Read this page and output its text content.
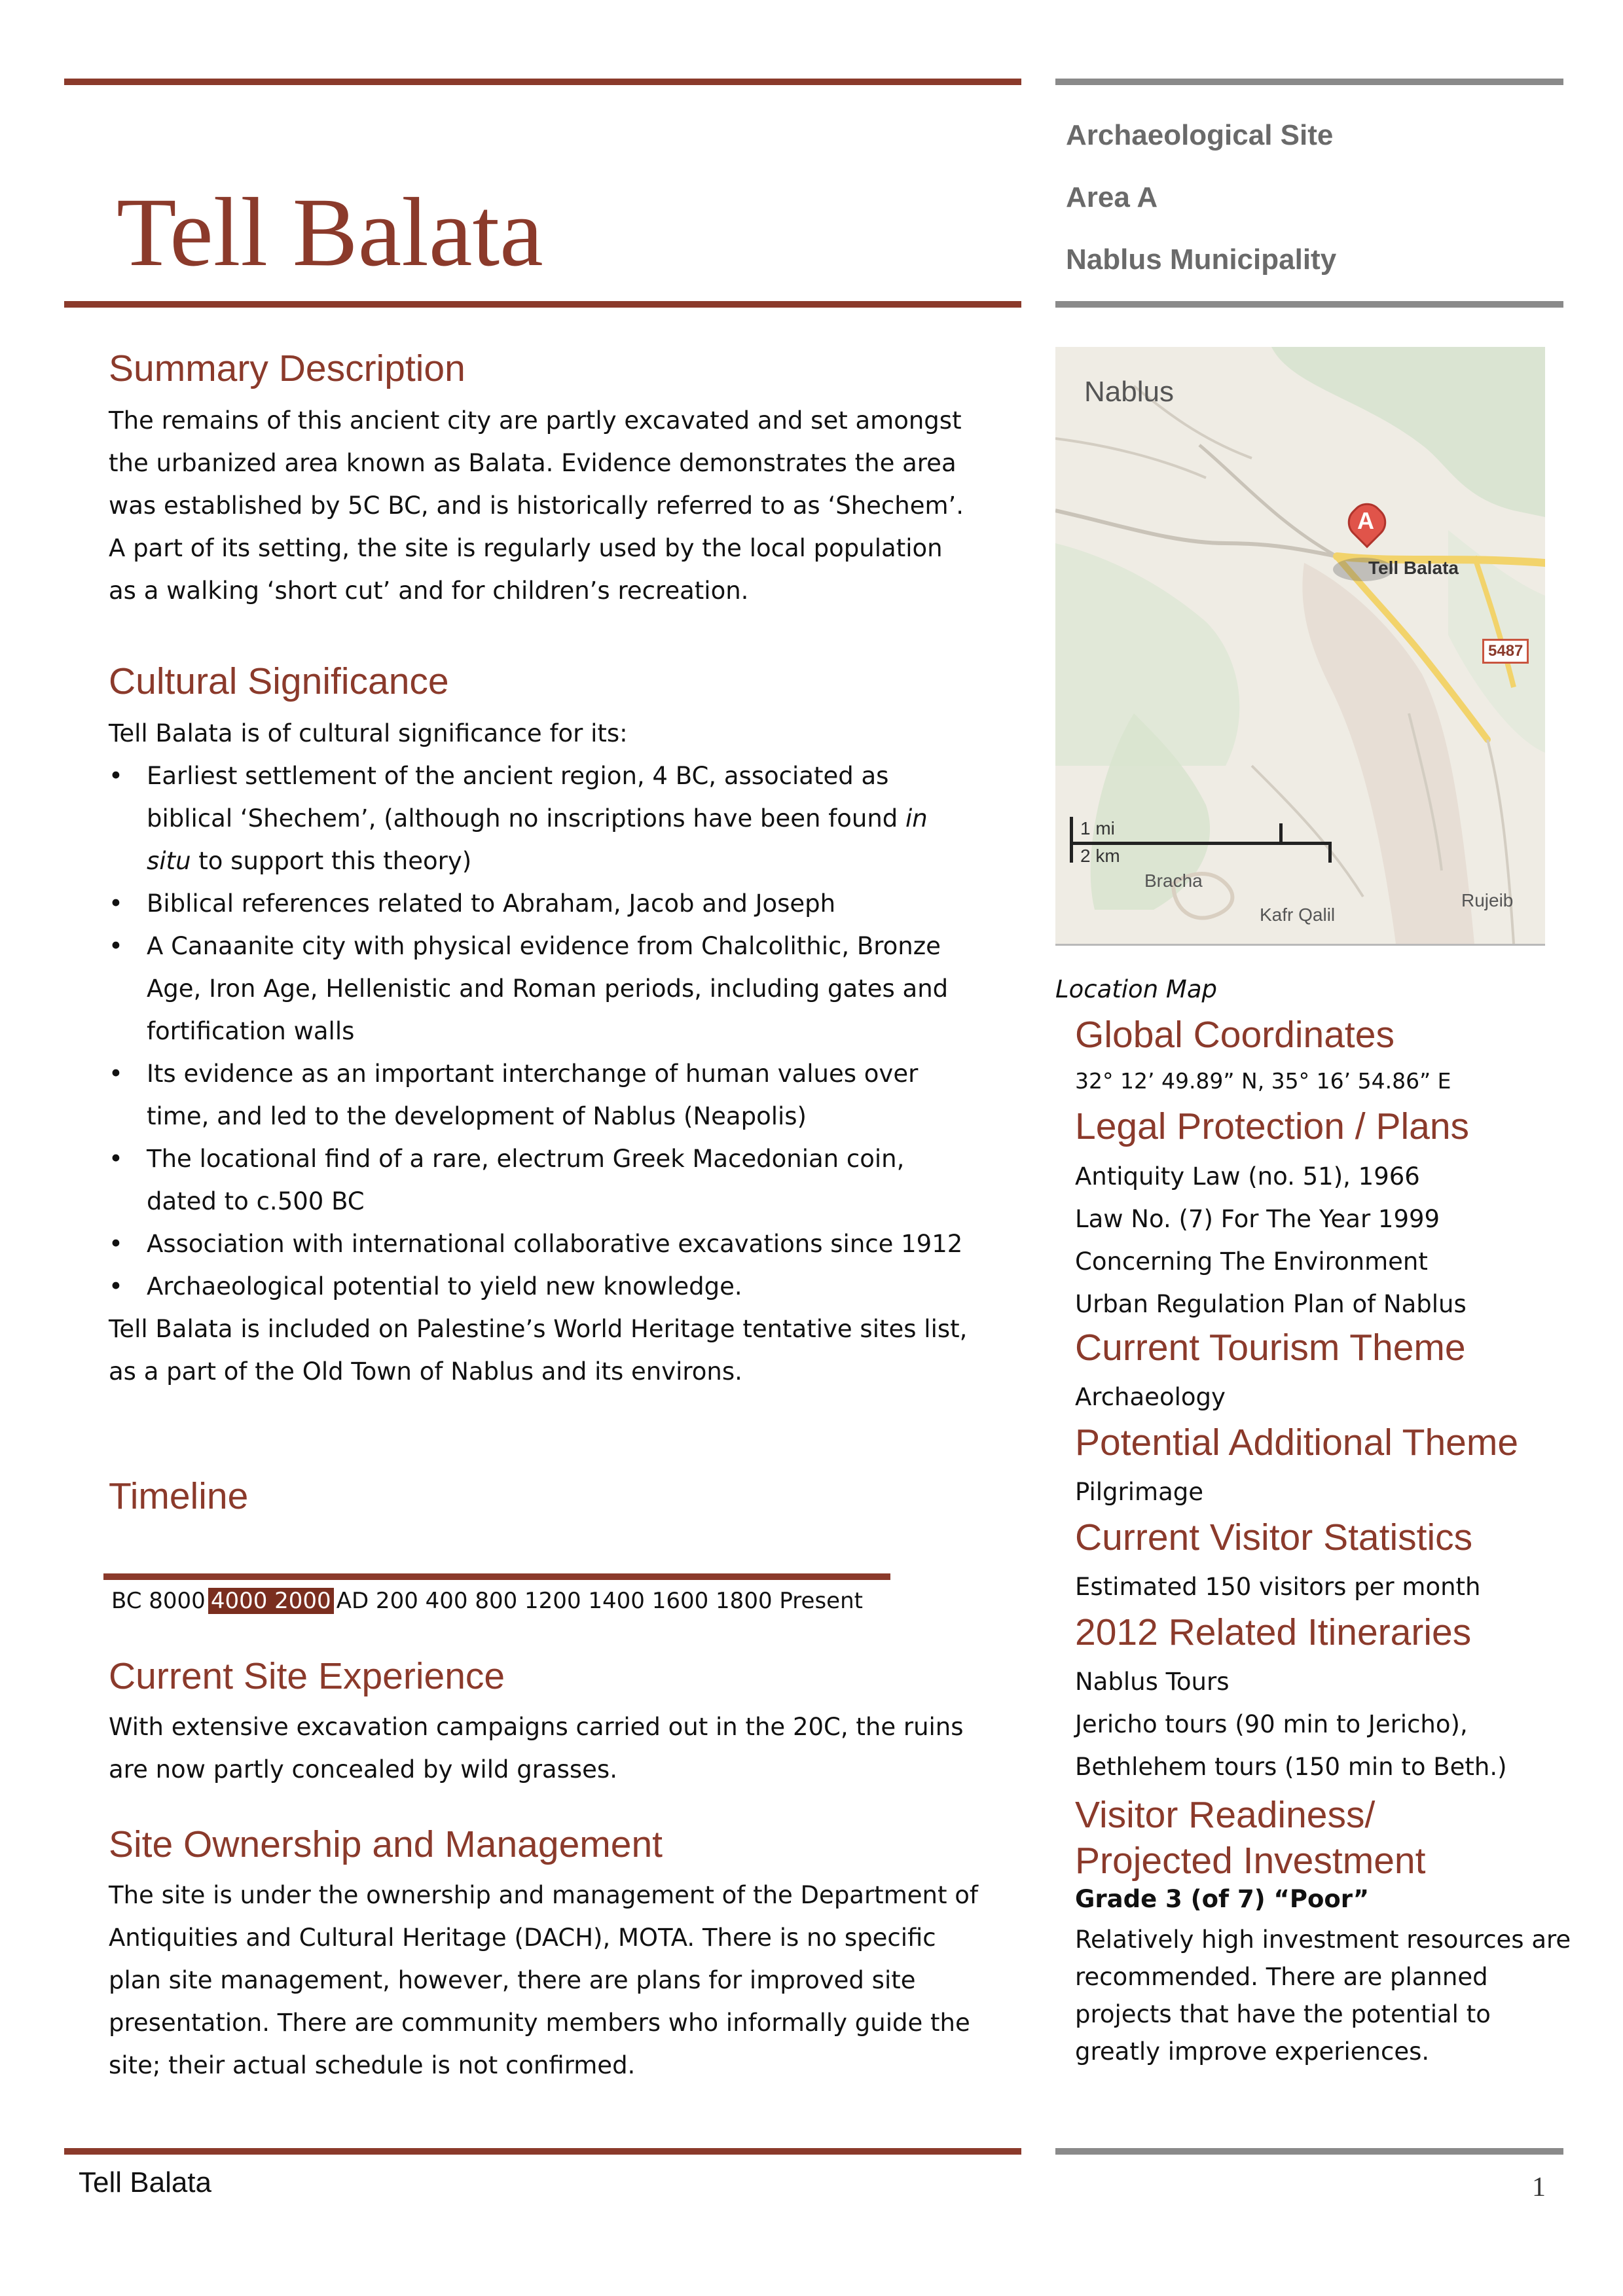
Tell Balata
Archaeological Site
Area A
Nablus Municipality
Summary Description
The remains of this ancient city are partly excavated and set amongst the urbanized area known as Balata. Evidence demonstrates the area was established by 5C BC, and is historically referred to as ‘Shechem’. A part of its setting, the site is regularly used by the local population as a walking ‘short cut’ and for children’s recreation.
Cultural Significance
Tell Balata is of cultural significance for its:
• Earliest settlement of the ancient region, 4 BC, associated as biblical ‘Shechem’, (although no inscriptions have been found in situ to support this theory)
• Biblical references related to Abraham, Jacob and Joseph
• A Canaanite city with physical evidence from Chalcolithic, Bronze Age, Iron Age, Hellenistic and Roman periods, including gates and fortification walls
• Its evidence as an important interchange of human values over time, and led to the development of Nablus (Neapolis)
• The locational find of a rare, electrum Greek Macedonian coin, dated to c.500 BC
• Association with international collaborative excavations since 1912
• Archaeological potential to yield new knowledge.
Tell Balata is included on Palestine’s World Heritage tentative sites list, as a part of the Old Town of Nablus and its environs.
Timeline
BC 8000 4000 2000 AD 200 400 800 1200 1400 1600 1800 Present
Current Site Experience
With extensive excavation campaigns carried out in the 20C, the ruins are now partly concealed by wild grasses.
Site Ownership and Management
The site is under the ownership and management of the Department of Antiquities and Cultural Heritage (DACH), MOTA. There is no specific plan site management, however, there are plans for improved site presentation. There are community members who informally guide the site; their actual schedule is not confirmed.
Nablus
A
Tell Balata
5487
1 mi
2 km
Bracha
Kafr Qalil
Rujeib
Location Map
Global Coordinates
32° 12’ 49.89” N, 35° 16’ 54.86” E
Legal Protection / Plans
Antiquity Law (no. 51), 1966
Law No. (7) For The Year 1999
Concerning The Environment
Urban Regulation Plan of Nablus
Current Tourism Theme
Archaeology
Potential Additional Theme
Pilgrimage
Current Visitor Statistics
Estimated 150 visitors per month
2012 Related Itineraries
Nablus Tours
Jericho tours (90 min to Jericho),
Bethlehem tours (150 min to Beth.)
Visitor Readiness/
Projected Investment
Grade 3 (of 7) “Poor”
Relatively high investment resources are recommended. There are planned projects that have the potential to greatly improve experiences.
Tell Balata	1
